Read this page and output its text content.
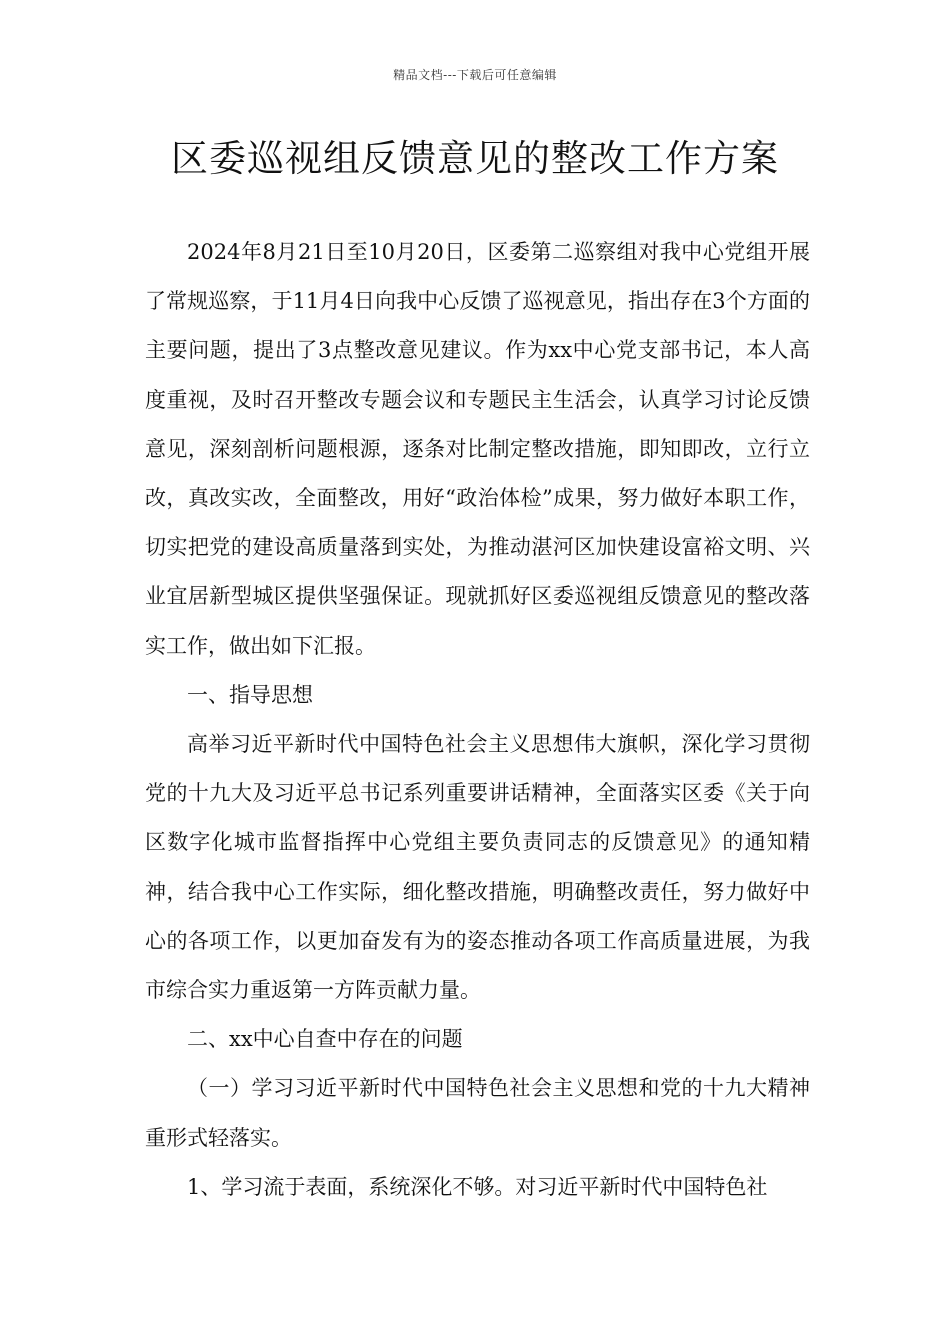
精品文档---下载后可任意编辑
区委巡视组反馈意见的整改工作方案

2024年8月21日至10月20日，区委第二巡察组对我中心党组开展了常规巡察，于11月4日向我中心反馈了巡视意见，指出存在3个方面的主要问题，提出了3点整改意见建议。作为xx中心党支部书记，本人高度重视，及时召开整改专题会议和专题民主生活会，认真学习讨论反馈意见，深刻剖析问题根源，逐条对比制定整改措施，即知即改，立行立改，真改实改，全面整改，用好“政治体检”成果，努力做好本职工作，切实把党的建设高质量落到实处，为推动湛河区加快建设富裕文明、兴业宜居新型城区提供坚强保证。现就抓好区委巡视组反馈意见的整改落实工作，做出如下汇报。

一、指导思想

高举习近平新时代中国特色社会主义思想伟大旗帜，深化学习贯彻党的十九大及习近平总书记系列重要讲话精神，全面落实区委《关于向区数字化城市监督指挥中心党组主要负责同志的反馈意见》的通知精神，结合我中心工作实际，细化整改措施，明确整改责任，努力做好中心的各项工作，以更加奋发有为的姿态推动各项工作高质量进展，为我市综合实力重返第一方阵贡献力量。

二、xx中心自查中存在的问题

（一）学习习近平新时代中国特色社会主义思想和党的十九大精神重形式轻落实。

1、学习流于表面，系统深化不够。对习近平新时代中国特色社
